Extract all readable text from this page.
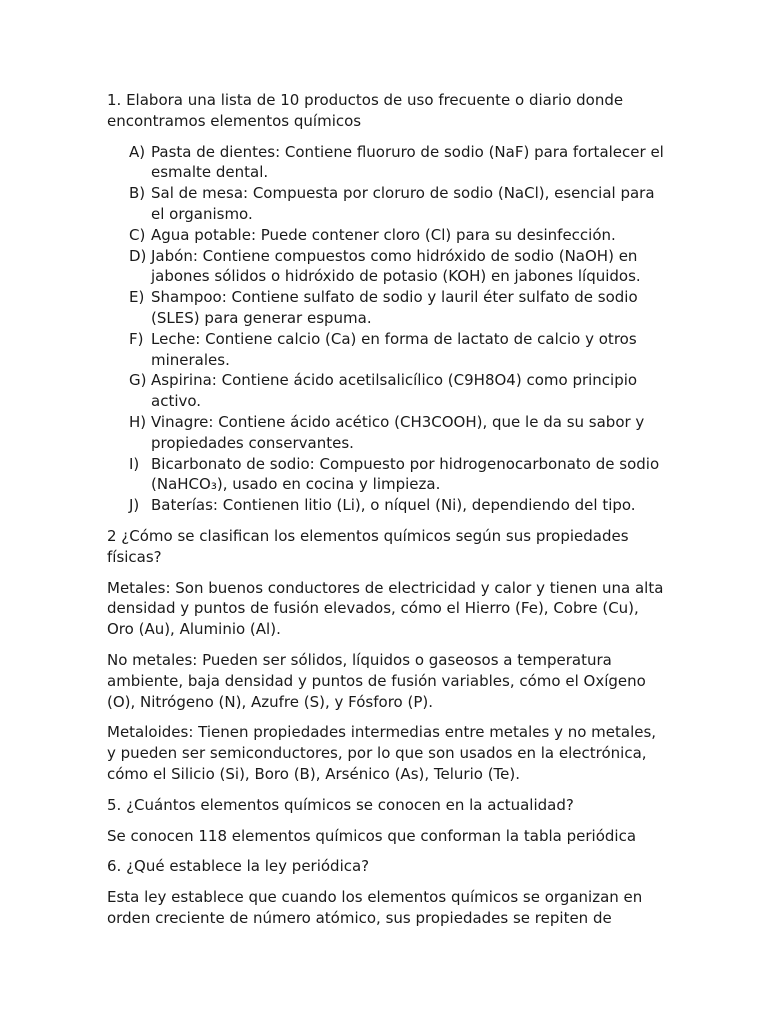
1. Elabora una lista de 10 productos de uso frecuente o diario donde encontramos elementos químicos

A) Pasta de dientes: Contiene fluoruro de sodio (NaF) para fortalecer el esmalte dental.
B) Sal de mesa: Compuesta por cloruro de sodio (NaCl), esencial para el organismo.
C) Agua potable: Puede contener cloro (Cl) para su desinfección.
D) Jabón: Contiene compuestos como hidróxido de sodio (NaOH) en jabones sólidos o hidróxido de potasio (KOH) en jabones líquidos.
E) Shampoo: Contiene sulfato de sodio y lauril éter sulfato de sodio (SLES) para generar espuma.
F) Leche: Contiene calcio (Ca) en forma de lactato de calcio y otros minerales.
G) Aspirina: Contiene ácido acetilsalicílico (C9H8O4) como principio activo.
H) Vinagre: Contiene ácido acético (CH3COOH), que le da su sabor y propiedades conservantes.
I) Bicarbonato de sodio: Compuesto por hidrogenocarbonato de sodio (NaHCO₃), usado en cocina y limpieza.
J) Baterías: Contienen litio (Li), o níquel (Ni), dependiendo del tipo.

2 ¿Cómo se clasifican los elementos químicos según sus propiedades físicas?

Metales: Son buenos conductores de electricidad y calor y tienen una alta densidad y puntos de fusión elevados, cómo el Hierro (Fe), Cobre (Cu), Oro (Au), Aluminio (Al).

No metales: Pueden ser sólidos, líquidos o gaseosos a temperatura ambiente, baja densidad y puntos de fusión variables, cómo el Oxígeno (O), Nitrógeno (N), Azufre (S), y Fósforo (P).

Metaloides: Tienen propiedades intermedias entre metales y no metales, y pueden ser semiconductores, por lo que son usados en la electrónica, cómo el Silicio (Si), Boro (B), Arsénico (As), Telurio (Te).

5. ¿Cuántos elementos químicos se conocen en la actualidad?

Se conocen 118 elementos químicos que conforman la tabla periódica

6. ¿Qué establece la ley periódica?

Esta ley establece que cuando los elementos químicos se organizan en orden creciente de número atómico, sus propiedades se repiten de
